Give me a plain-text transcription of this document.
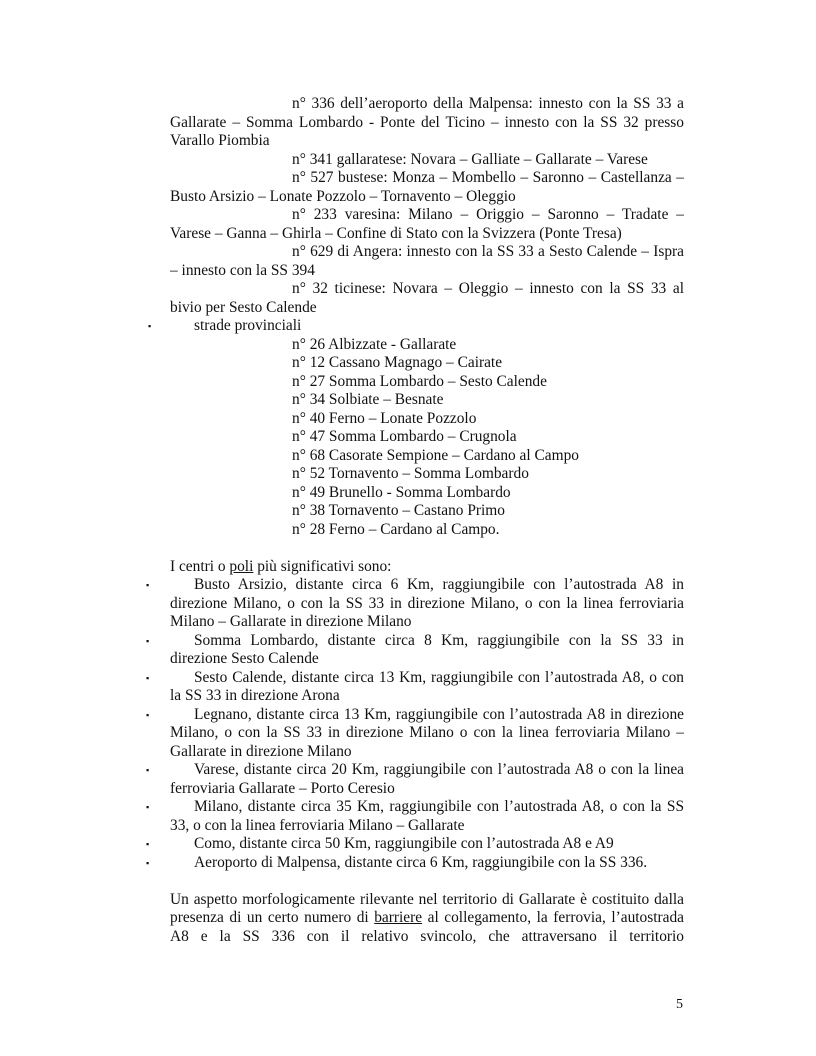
n° 336 dell’aeroporto della Malpensa: innesto con la SS 33 a Gallarate – Somma Lombardo - Ponte del Ticino – innesto con la SS 32 presso Varallo Piombia

n° 341 gallaratese: Novara – Galliate – Gallarate – Varese

n° 527 bustese: Monza – Mombello – Saronno – Castellanza – Busto Arsizio – Lonate Pozzolo – Tornavento – Oleggio

n° 233 varesina: Milano – Origgio – Saronno – Tradate – Varese – Ganna – Ghirla – Confine di Stato con la Svizzera (Ponte Tresa)

n° 629 di Angera: innesto con la SS 33 a Sesto Calende – Ispra – innesto con la SS 394

n° 32 ticinese: Novara – Oleggio – innesto con la SS 33 al bivio per Sesto Calende

▪	strade provinciali

n° 26 Albizzate - Gallarate

n° 12 Cassano Magnago – Cairate

n° 27 Somma Lombardo – Sesto Calende

n° 34 Solbiate – Besnate

n° 40 Ferno – Lonate Pozzolo

n° 47 Somma Lombardo – Crugnola

n° 68 Casorate Sempione – Cardano al Campo

n° 52 Tornavento – Somma Lombardo

n° 49 Brunello - Somma Lombardo

n° 38 Tornavento – Castano Primo

n° 28 Ferno – Cardano al Campo.

I centri o poli più significativi sono:

▪	Busto Arsizio, distante circa 6 Km, raggiungibile con l’autostrada A8 in direzione Milano, o con la SS 33 in direzione Milano, o con la linea ferroviaria Milano – Gallarate in direzione Milano

▪	Somma Lombardo, distante circa 8 Km, raggiungibile con la SS 33 in direzione Sesto Calende

▪	Sesto Calende, distante circa 13 Km, raggiungibile con l’autostrada A8, o con la SS 33 in direzione Arona

▪	Legnano, distante circa 13 Km, raggiungibile con l’autostrada A8 in direzione Milano, o con la SS 33 in direzione Milano o con la linea ferroviaria Milano – Gallarate in direzione Milano

▪	Varese, distante circa 20 Km, raggiungibile con l’autostrada A8 o con la linea ferroviaria Gallarate – Porto Ceresio

▪	Milano, distante circa 35 Km, raggiungibile con l’autostrada A8, o con la SS 33, o con la linea ferroviaria Milano – Gallarate

▪	Como, distante circa 50 Km, raggiungibile con l’autostrada A8 e A9

▪	Aeroporto di Malpensa, distante circa 6 Km, raggiungibile con la SS 336.

Un aspetto morfologicamente rilevante nel territorio di Gallarate è costituito dalla presenza di un certo numero di barriere al collegamento, la ferrovia, l’autostrada A8 e la SS 336 con il relativo svincolo, che attraversano il territorio

5
